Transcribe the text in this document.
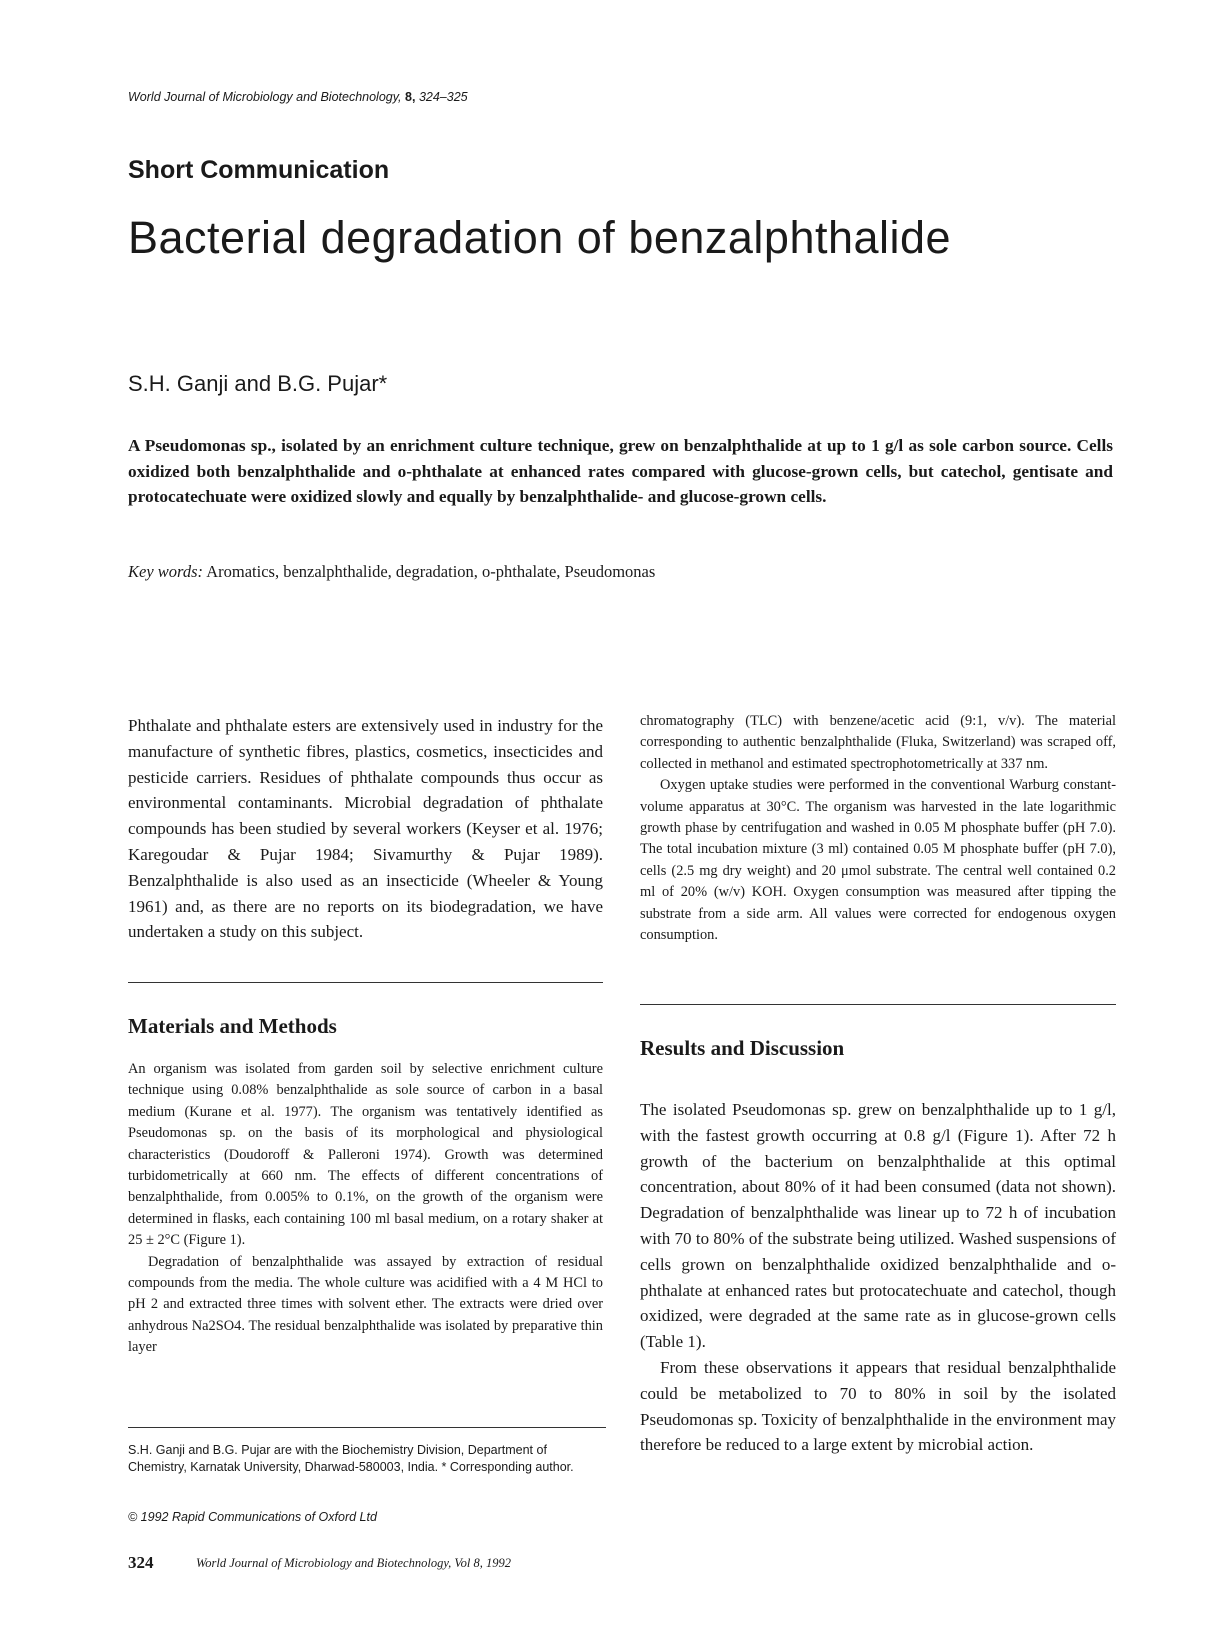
World Journal of Microbiology and Biotechnology, 8, 324–325
Short Communication
Bacterial degradation of benzalphthalide
S.H. Ganji and B.G. Pujar*
A Pseudomonas sp., isolated by an enrichment culture technique, grew on benzalphthalide at up to 1 g/l as sole carbon source. Cells oxidized both benzalphthalide and o-phthalate at enhanced rates compared with glucose-grown cells, but catechol, gentisate and protocatechuate were oxidized slowly and equally by benzalphthalide- and glucose-grown cells.
Key words: Aromatics, benzalphthalide, degradation, o-phthalate, Pseudomonas

Phthalate and phthalate esters are extensively used in industry for the manufacture of synthetic fibres, plastics, cosmetics, insecticides and pesticide carriers. Residues of phthalate compounds thus occur as environmental contaminants. Microbial degradation of phthalate compounds has been studied by several workers (Keyser et al. 1976; Karegoudar & Pujar 1984; Sivamurthy & Pujar 1989). Benzalphthalide is also used as an insecticide (Wheeler & Young 1961) and, as there are no reports on its biodegradation, we have undertaken a study on this subject.

Materials and Methods

An organism was isolated from garden soil by selective enrichment culture technique using 0.08% benzalphthalide as sole source of carbon in a basal medium (Kurane et al. 1977). The organism was tentatively identified as Pseudomonas sp. on the basis of its morphological and physiological characteristics (Doudoroff & Palleroni 1974). Growth was determined turbidometrically at 660 nm. The effects of different concentrations of benzalphthalide, from 0.005% to 0.1%, on the growth of the organism were determined in flasks, each containing 100 ml basal medium, on a rotary shaker at 25 ± 2°C (Figure 1).

Degradation of benzalphthalide was assayed by extraction of residual compounds from the media. The whole culture was acidified with a 4 M HCl to pH 2 and extracted three times with solvent ether. The extracts were dried over anhydrous Na2SO4. The residual benzalphthalide was isolated by preparative thin layer

S.H. Ganji and B.G. Pujar are with the Biochemistry Division, Department of Chemistry, Karnatak University, Dharwad-580003, India. * Corresponding author.
© 1992 Rapid Communications of Oxford Ltd
324	World Journal of Microbiology and Biotechnology, Vol 8, 1992

chromatography (TLC) with benzene/acetic acid (9:1, v/v). The material corresponding to authentic benzalphthalide (Fluka, Switzerland) was scraped off, collected in methanol and estimated spectrophotometrically at 337 nm.

Oxygen uptake studies were performed in the conventional Warburg constant-volume apparatus at 30°C. The organism was harvested in the late logarithmic growth phase by centrifugation and washed in 0.05 M phosphate buffer (pH 7.0). The total incubation mixture (3 ml) contained 0.05 M phosphate buffer (pH 7.0), cells (2.5 mg dry weight) and 20 μmol substrate. The central well contained 0.2 ml of 20% (w/v) KOH. Oxygen consumption was measured after tipping the substrate from a side arm. All values were corrected for endogenous oxygen consumption.

Results and Discussion

The isolated Pseudomonas sp. grew on benzalphthalide up to 1 g/l, with the fastest growth occurring at 0.8 g/l (Figure 1). After 72 h growth of the bacterium on benzalphthalide at this optimal concentration, about 80% of it had been consumed (data not shown). Degradation of benzalphthalide was linear up to 72 h of incubation with 70 to 80% of the substrate being utilized. Washed suspensions of cells grown on benzalphthalide oxidized benzalphthalide and o-phthalate at enhanced rates but protocatechuate and catechol, though oxidized, were degraded at the same rate as in glucose-grown cells (Table 1).

From these observations it appears that residual benzalphthalide could be metabolized to 70 to 80% in soil by the isolated Pseudomonas sp. Toxicity of benzalphthalide in the environment may therefore be reduced to a large extent by microbial action.
